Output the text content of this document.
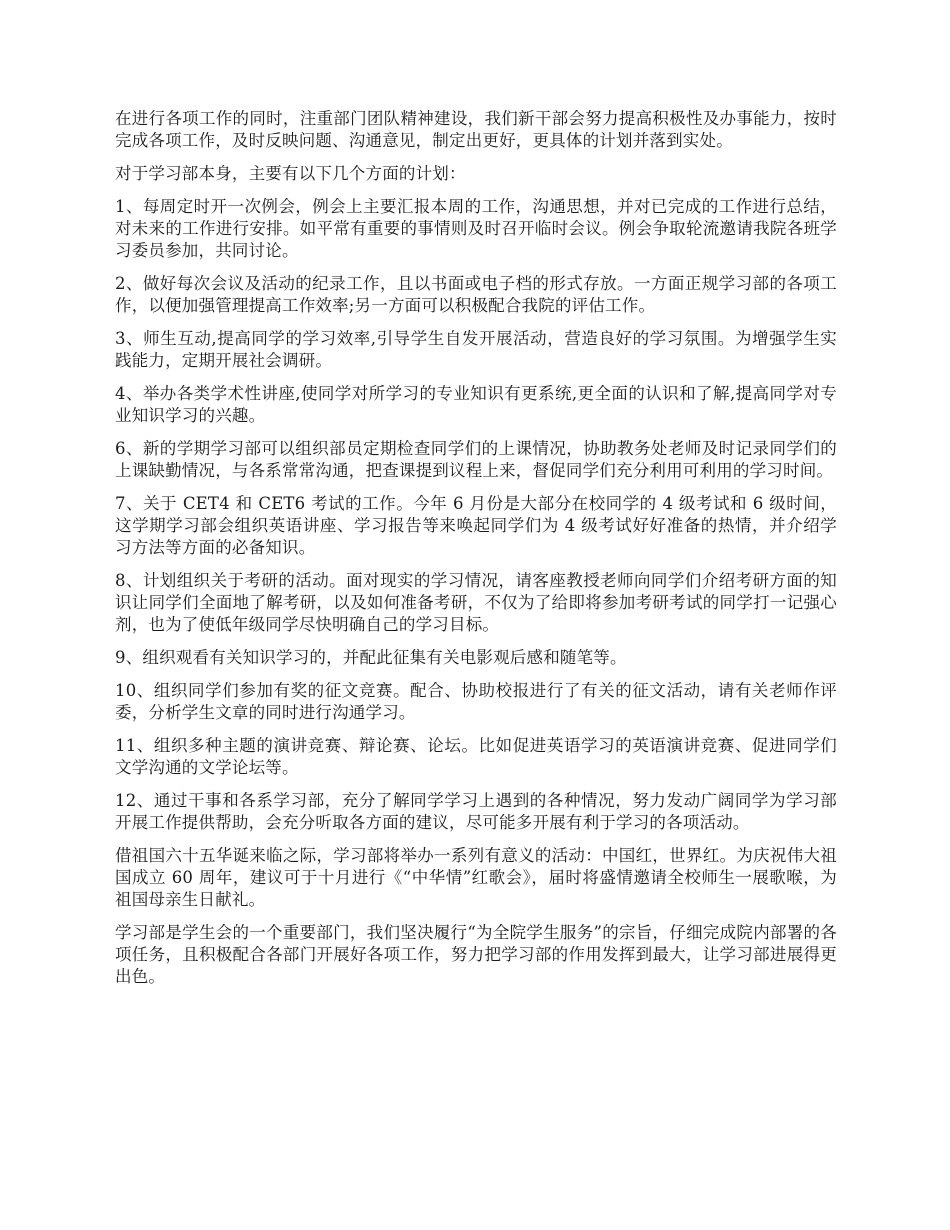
在进行各项工作的同时，注重部门团队精神建设，我们新干部会努力提高积极性及办事能力，按时完成各项工作，及时反映问题、沟通意见，制定出更好，更具体的计划并落到实处。

对于学习部本身，主要有以下几个方面的计划：

1、每周定时开一次例会，例会上主要汇报本周的工作，沟通思想，并对已完成的工作进行总结，对未来的工作进行安排。如平常有重要的事情则及时召开临时会议。例会争取轮流邀请我院各班学习委员参加，共同讨论。

2、做好每次会议及活动的纪录工作，且以书面或电子档的形式存放。一方面正规学习部的各项工作，以便加强管理提高工作效率;另一方面可以积极配合我院的评估工作。

3、师生互动,提高同学的学习效率,引导学生自发开展活动，营造良好的学习氛围。为增强学生实践能力，定期开展社会调研。

4、举办各类学术性讲座,使同学对所学习的专业知识有更系统,更全面的认识和了解,提高同学对专业知识学习的兴趣。

6、新的学期学习部可以组织部员定期检查同学们的上课情况，协助教务处老师及时记录同学们的上课缺勤情况，与各系常常沟通，把查课提到议程上来，督促同学们充分利用可利用的学习时间。

7、关于 CET4 和 CET6 考试的工作。今年 6 月份是大部分在校同学的 4 级考试和 6 级时间，这学期学习部会组织英语讲座、学习报告等来唤起同学们为 4 级考试好好准备的热情，并介绍学习方法等方面的必备知识。

8、计划组织关于考研的活动。面对现实的学习情况，请客座教授老师向同学们介绍考研方面的知识让同学们全面地了解考研，以及如何准备考研，不仅为了给即将参加考研考试的同学打一记强心剂，也为了使低年级同学尽快明确自己的学习目标。

9、组织观看有关知识学习的，并配此征集有关电影观后感和随笔等。

10、组织同学们参加有奖的征文竞赛。配合、协助校报进行了有关的征文活动，请有关老师作评委，分析学生文章的同时进行沟通学习。

11、组织多种主题的演讲竞赛、辩论赛、论坛。比如促进英语学习的英语演讲竞赛、促进同学们文学沟通的文学论坛等。

12、通过干事和各系学习部，充分了解同学学习上遇到的各种情况，努力发动广阔同学为学习部开展工作提供帮助，会充分听取各方面的建议，尽可能多开展有利于学习的各项活动。

借祖国六十五华诞来临之际，学习部将举办一系列有意义的活动：中国红，世界红。为庆祝伟大祖国成立 60 周年，建议可于十月进行《“中华情”红歌会》，届时将盛情邀请全校师生一展歌喉，为祖国母亲生日献礼。

学习部是学生会的一个重要部门，我们坚决履行“为全院学生服务”的宗旨，仔细完成院内部署的各项任务，且积极配合各部门开展好各项工作，努力把学习部的作用发挥到最大，让学习部进展得更出色。
